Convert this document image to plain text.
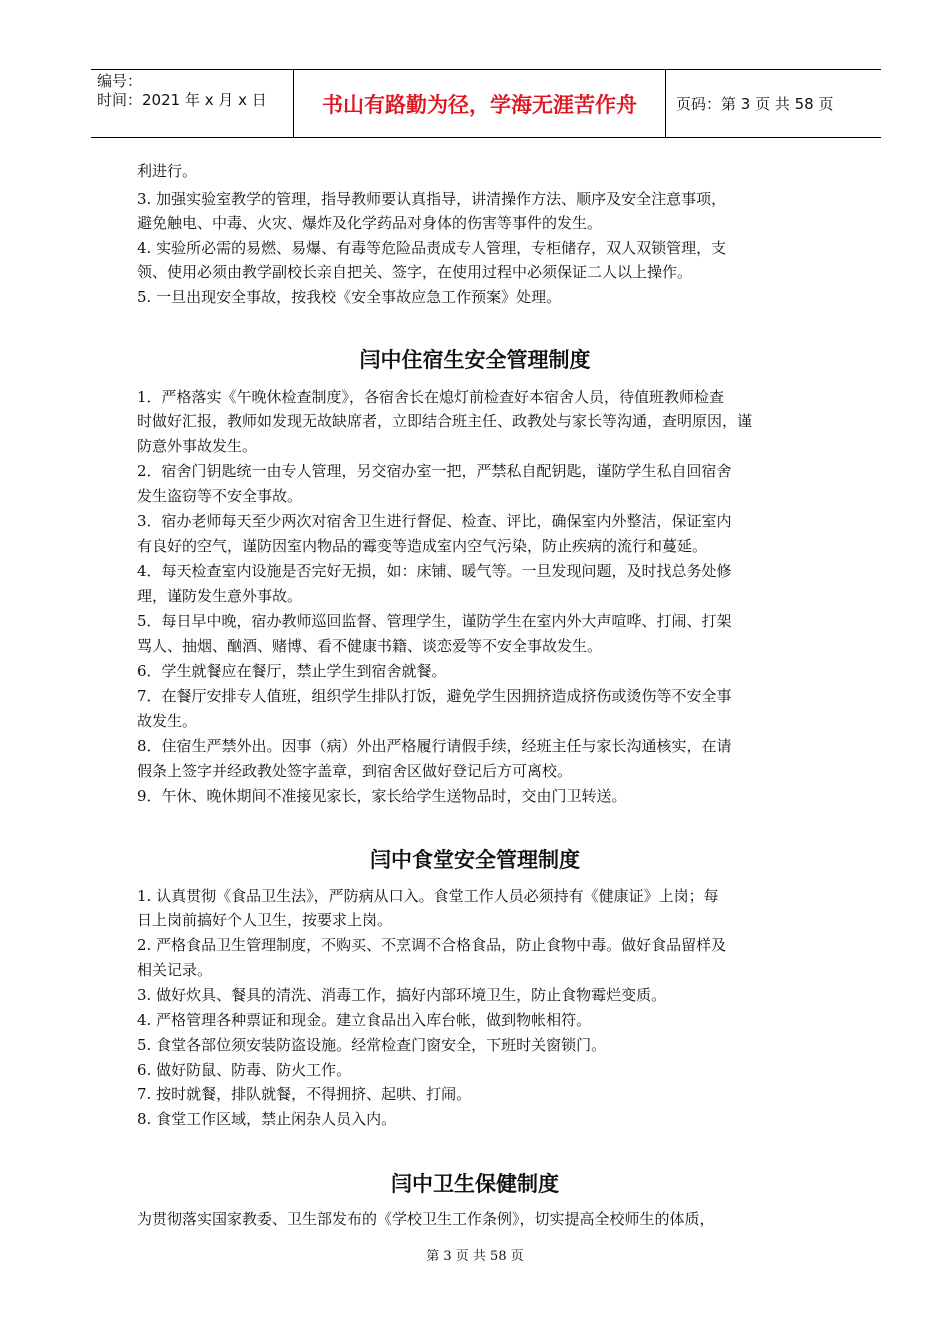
编号：
时间：2021 年 x 月 x 日	书山有路勤为径，学海无涯苦作舟	页码：第 3 页 共 58 页
利进行。
3. 加强实验室教学的管理，指导教师要认真指导，讲清操作方法、顺序及安全注意事项，
避免触电、中毒、火灾、爆炸及化学药品对身体的伤害等事件的发生。
4. 实验所必需的易燃、易爆、有毒等危险品责成专人管理，专柜储存，双人双锁管理，支
领、使用必须由教学副校长亲自把关、签字，在使用过程中必须保证二人以上操作。
5. 一旦出现安全事故，按我校《安全事故应急工作预案》处理。
闫中住宿生安全管理制度
1．严格落实《午晚休检查制度》，各宿舍长在熄灯前检查好本宿舍人员，待值班教师检查
时做好汇报，教师如发现无故缺席者，立即结合班主任、政教处与家长等沟通，查明原因，谨
防意外事故发生。
2．宿舍门钥匙统一由专人管理，另交宿办室一把，严禁私自配钥匙，谨防学生私自回宿舍
发生盗窃等不安全事故。
3．宿办老师每天至少两次对宿舍卫生进行督促、检查、评比，确保室内外整洁，保证室内
有良好的空气，谨防因室内物品的霉变等造成室内空气污染，防止疾病的流行和蔓延。
4．每天检查室内设施是否完好无损，如：床铺、暖气等。一旦发现问题，及时找总务处修
理，谨防发生意外事故。
5．每日早中晚，宿办教师巡回监督、管理学生，谨防学生在室内外大声喧哗、打闹、打架
骂人、抽烟、酗酒、赌博、看不健康书籍、谈恋爱等不安全事故发生。
6．学生就餐应在餐厅，禁止学生到宿舍就餐。
7．在餐厅安排专人值班，组织学生排队打饭，避免学生因拥挤造成挤伤或烫伤等不安全事
故发生。
8．住宿生严禁外出。因事（病）外出严格履行请假手续，经班主任与家长沟通核实，在请
假条上签字并经政教处签字盖章，到宿舍区做好登记后方可离校。
9．午休、晚休期间不准接见家长，家长给学生送物品时，交由门卫转送。
闫中食堂安全管理制度
1. 认真贯彻《食品卫生法》，严防病从口入。食堂工作人员必须持有《健康证》上岗；每
日上岗前搞好个人卫生，按要求上岗。
2. 严格食品卫生管理制度，不购买、不烹调不合格食品，防止食物中毒。做好食品留样及
相关记录。
3. 做好炊具、餐具的清洗、消毒工作，搞好内部环境卫生，防止食物霉烂变质。
4. 严格管理各种票证和现金。建立食品出入库台帐，做到物帐相符。
5. 食堂各部位须安装防盗设施。经常检查门窗安全，下班时关窗锁门。
6. 做好防鼠、防毒、防火工作。
7. 按时就餐，排队就餐，不得拥挤、起哄、打闹。
8. 食堂工作区域，禁止闲杂人员入内。
闫中卫生保健制度
为贯彻落实国家教委、卫生部发布的《学校卫生工作条例》，切实提高全校师生的体质，
第 3 页 共 58 页
